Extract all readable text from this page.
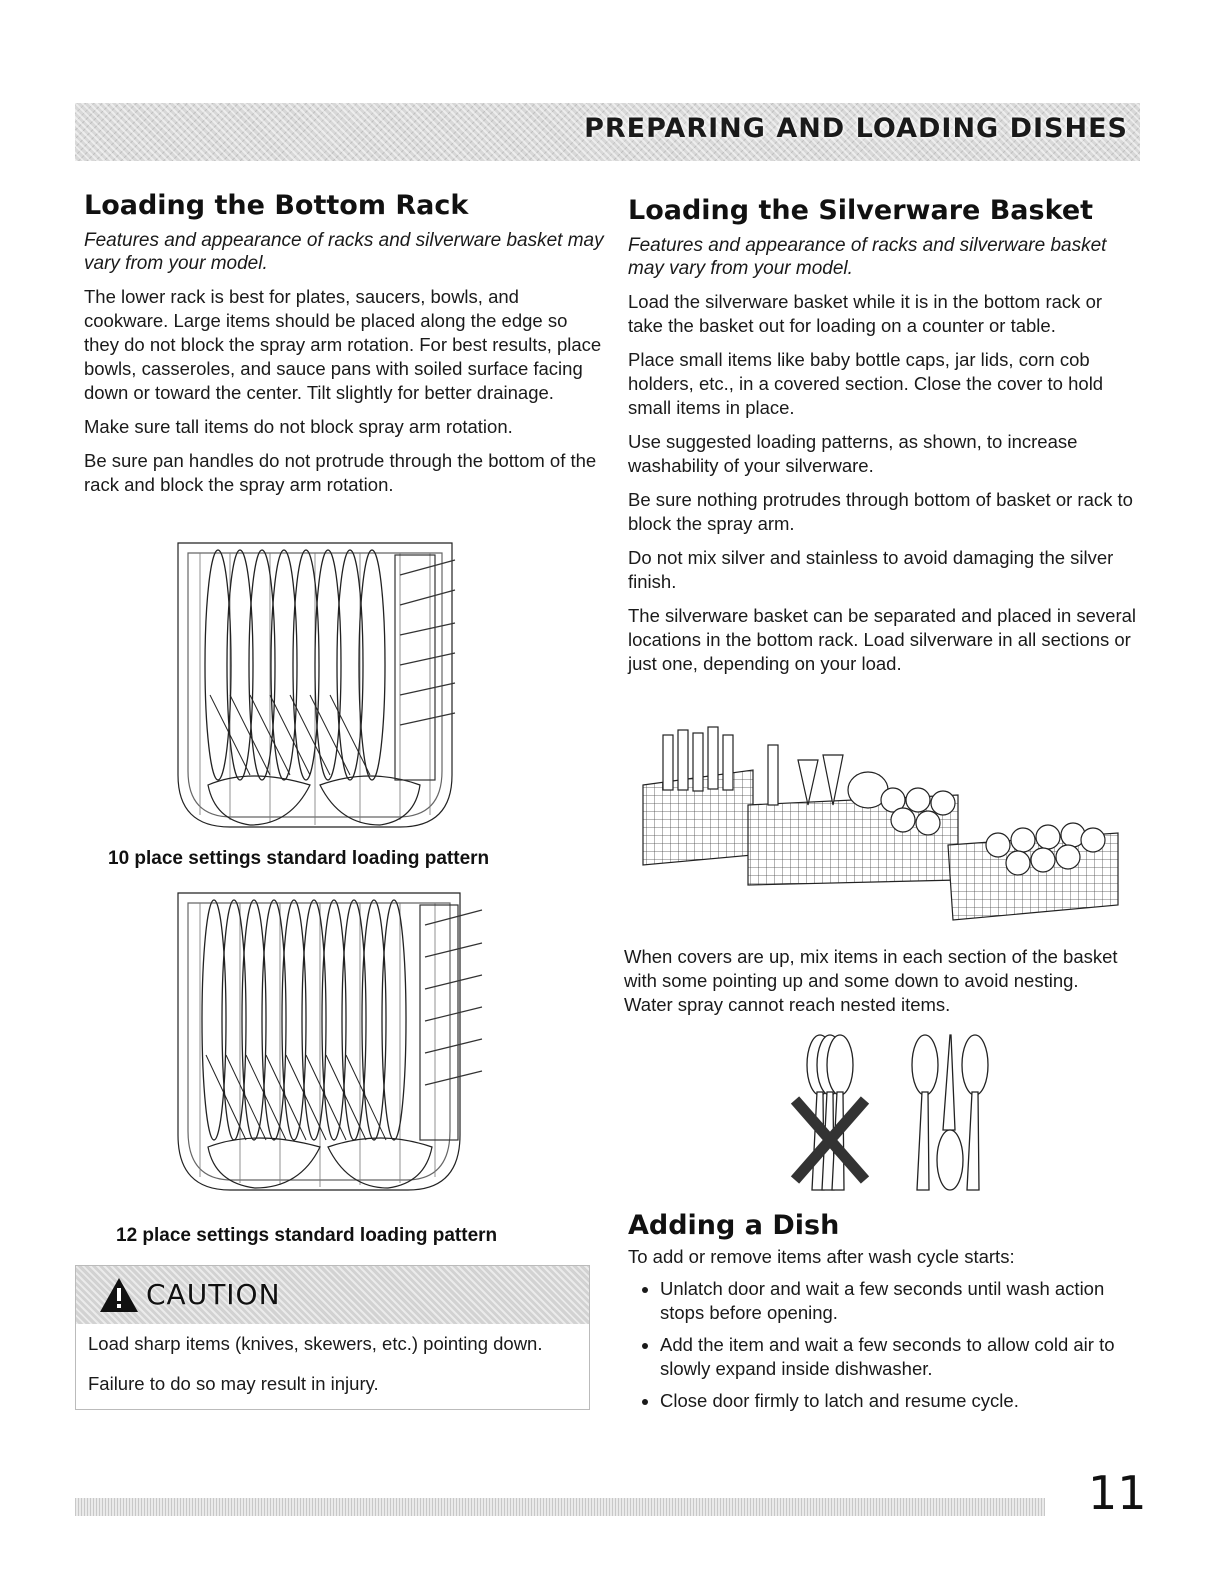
PREPARING AND LOADING DISHES
Loading the Bottom Rack

Features and appearance of racks and silverware basket may vary from your model.

The lower rack is best for plates, saucers, bowls, and cookware. Large items should be placed along the edge so they do not block the spray arm rotation. For best results, place bowls, casseroles, and sauce pans with soiled surface facing down or toward the center. Tilt slightly for better drainage.

Make sure tall items do not block spray arm rotation.

Be sure pan handles do not protrude through the bottom of the rack and block the spray arm rotation.

10 place settings standard loading pattern
12 place settings standard loading pattern
CAUTION

Load sharp items (knives, skewers, etc.) pointing down.

Failure to do so may result in injury.

Loading the Silverware Basket

Features and appearance of racks and silverware basket may vary from your model.

Load the silverware basket while it is in the bottom rack or take the basket out for loading on a counter or table.

Place small items like baby bottle caps, jar lids, corn cob holders, etc., in a covered section. Close the cover to hold small items in place.

Use suggested loading patterns, as shown, to increase washability of your silverware.

Be sure nothing protrudes through bottom of basket or rack to block the spray arm.

Do not mix silver and stainless to avoid damaging the silver finish.

The silverware basket can be separated and placed in several locations in the bottom rack. Load silverware in all sections or just one, depending on your load.

When covers are up, mix items in each section of the basket with some pointing up and some down to avoid nesting. Water spray cannot reach nested items.

Adding a Dish

To add or remove items after wash cycle starts:

• Unlatch door and wait a few seconds until wash action stops before opening.
• Add the item and wait a few seconds to allow cold air to slowly expand inside dishwasher.
• Close door firmly to latch and resume cycle.
11
